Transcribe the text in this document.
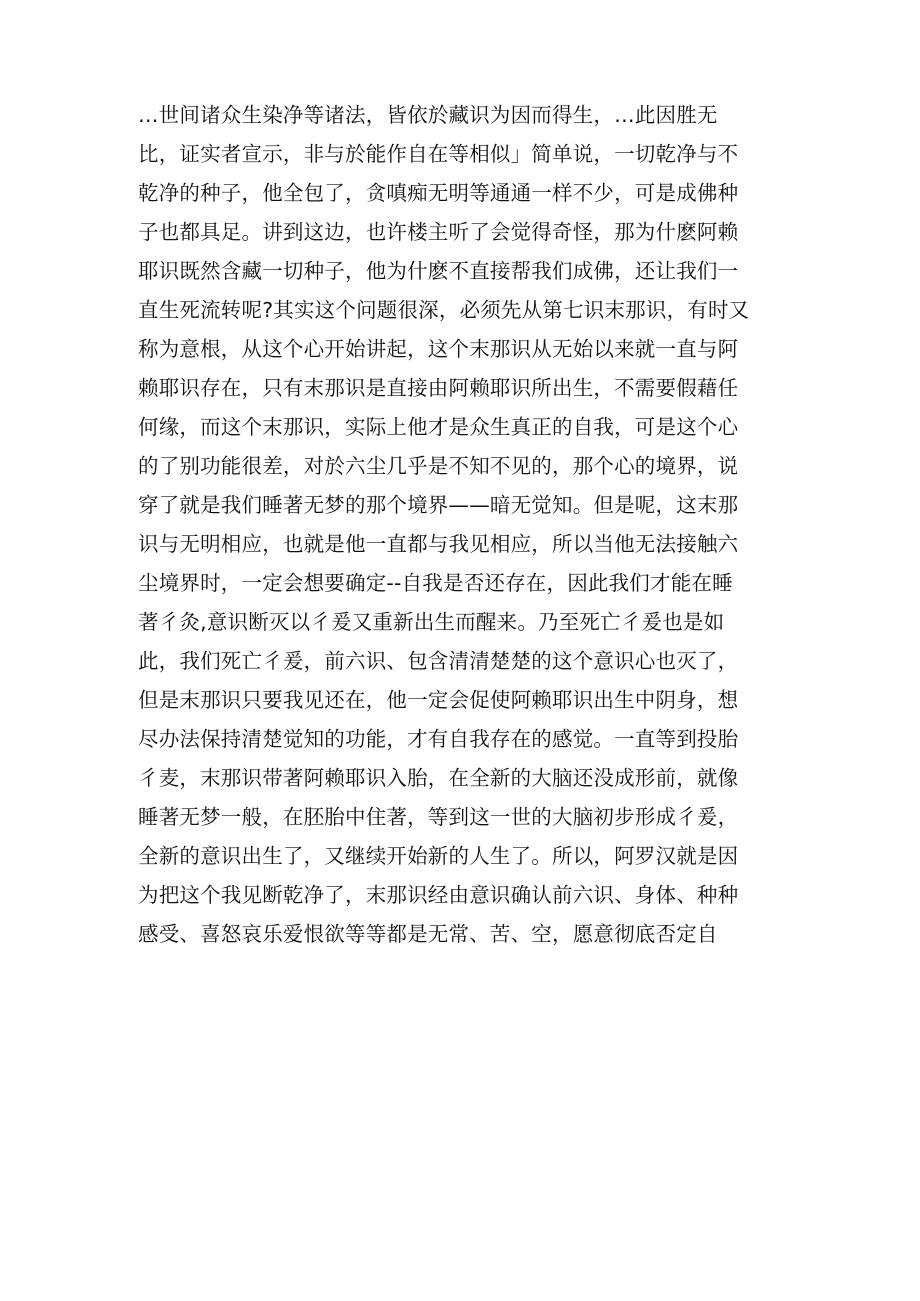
…世间诸众生染净等诸法，皆依於藏识为因而得生，…此因胜无
比，证实者宣示，非与於能作自在等相似」简单说，一切乾净与不
乾净的种子，他全包了，贪嗔痴无明等通通一样不少，可是成佛种
子也都具足。讲到这边，也许楼主听了会觉得奇怪，那为什麽阿赖
耶识既然含藏一切种子，他为什麽不直接帮我们成佛，还让我们一
直生死流转呢?其实这个问题很深，必须先从第七识末那识，有时又
称为意根，从这个心开始讲起，这个末那识从无始以来就一直与阿
赖耶识存在，只有末那识是直接由阿赖耶识所出生，不需要假藉任
何缘，而这个末那识，实际上他才是众生真正的自我，可是这个心
的了别功能很差，对於六尘几乎是不知不见的，那个心的境界，说
穿了就是我们睡著无梦的那个境界——暗无觉知。但是呢，这末那
识与无明相应，也就是他一直都与我见相应，所以当他无法接触六
尘境界时，一定会想要确定--自我是否还存在，因此我们才能在睡
著彳灸,意识断灭以彳爰又重新出生而醒来。乃至死亡彳爰也是如
此，我们死亡彳爰，前六识、包含清清楚楚的这个意识心也灭了，
但是末那识只要我见还在，他一定会促使阿赖耶识出生中阴身，想
尽办法保持清楚觉知的功能，才有自我存在的感觉。一直等到投胎
彳麦，末那识带著阿赖耶识入胎，在全新的大脑还没成形前，就像
睡著无梦一般，在胚胎中住著，等到这一世的大脑初步形成彳爰，
全新的意识出生了，又继续开始新的人生了。所以，阿罗汉就是因
为把这个我见断乾净了，末那识经由意识确认前六识、身体、种种
感受、喜怒哀乐爱恨欲等等都是无常、苦、空，愿意彻底否定自
